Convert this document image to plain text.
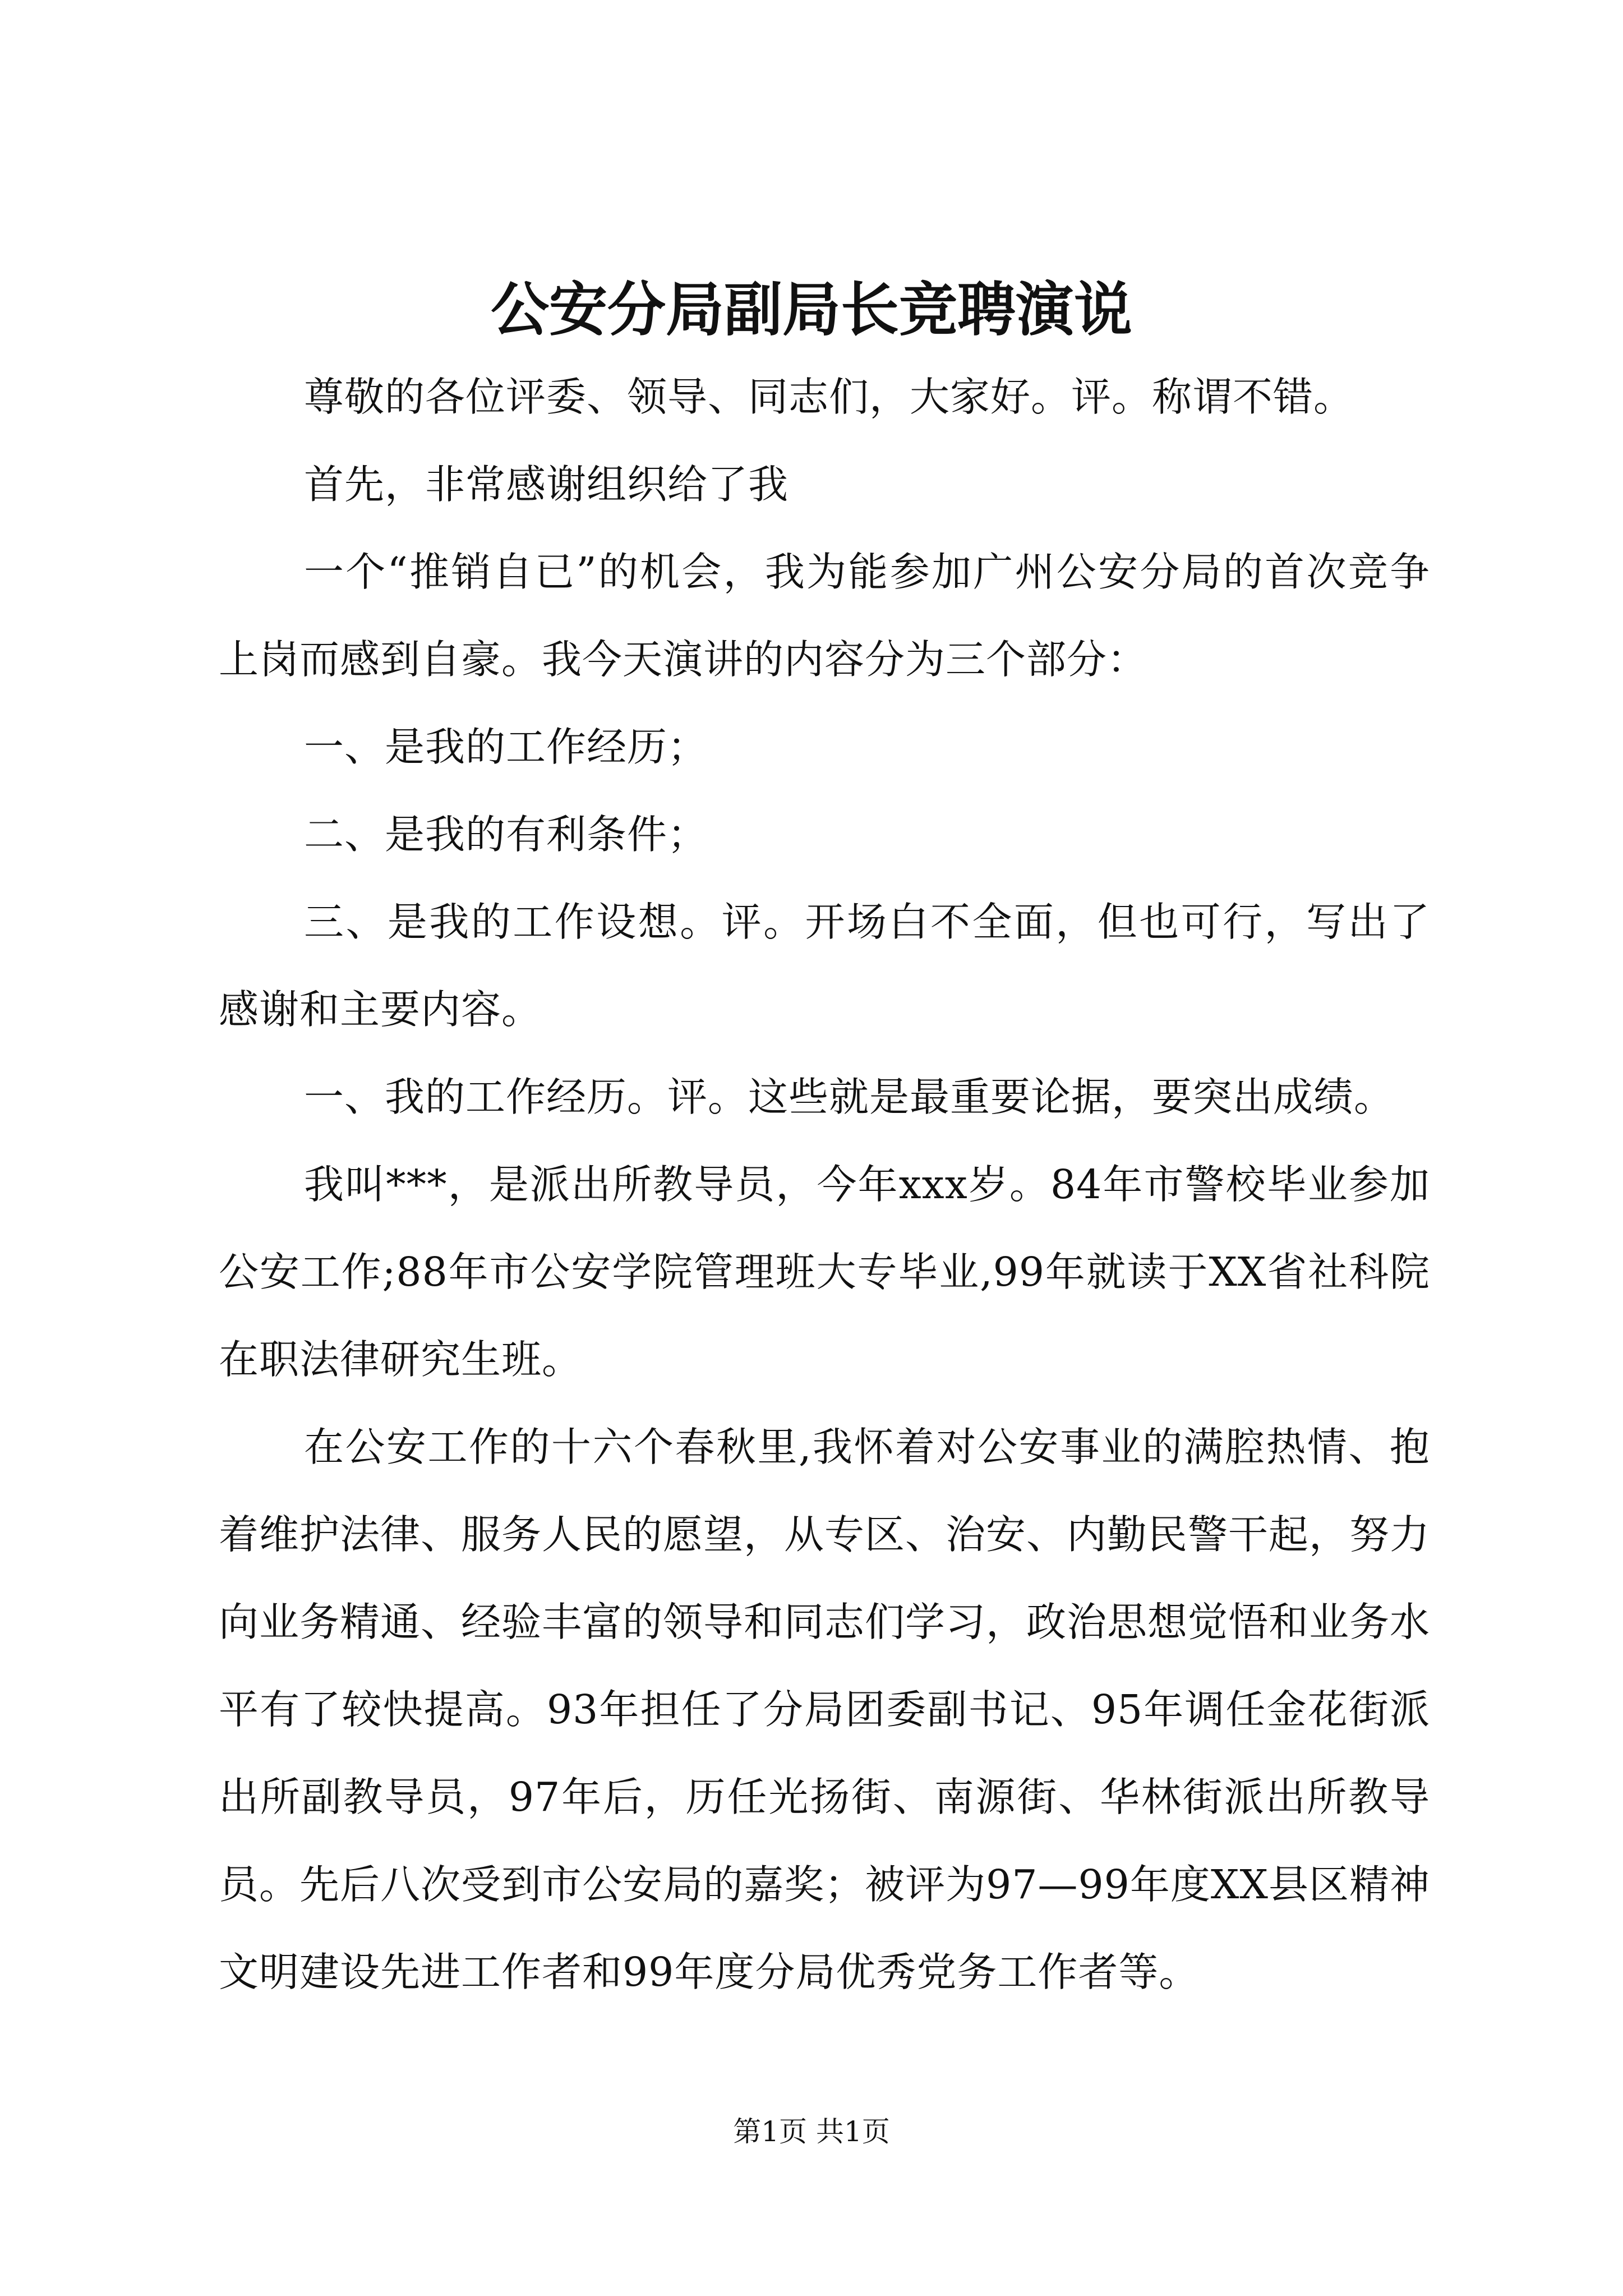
公安分局副局长竞聘演说

尊敬的各位评委、领导、同志们，大家好。评。称谓不错。

首先，非常感谢组织给了我

一个“推销自已”的机会，我为能参加广州公安分局的首次竞争上岗而感到自豪。我今天演讲的内容分为三个部分：

一、是我的工作经历；

二、是我的有利条件；

三、是我的工作设想。评。开场白不全面，但也可行，写出了感谢和主要内容。

一、我的工作经历。评。这些就是最重要论据，要突出成绩。

我叫***，是派出所教导员，今年xxx岁。84年市警校毕业参加公安工作;88年市公安学院管理班大专毕业,99年就读于XX省社科院在职法律研究生班。

在公安工作的十六个春秋里,我怀着对公安事业的满腔热情、抱着维护法律、服务人民的愿望，从专区、治安、内勤民警干起，努力向业务精通、经验丰富的领导和同志们学习，政治思想觉悟和业务水平有了较快提高。93年担任了分局团委副书记、95年调任金花街派出所副教导员，97年后，历任光扬街、南源街、华林街派出所教导员。先后八次受到市公安局的嘉奖；被评为97—99年度XX县区精神文明建设先进工作者和99年度分局优秀党务工作者等。

第1页 共1页
